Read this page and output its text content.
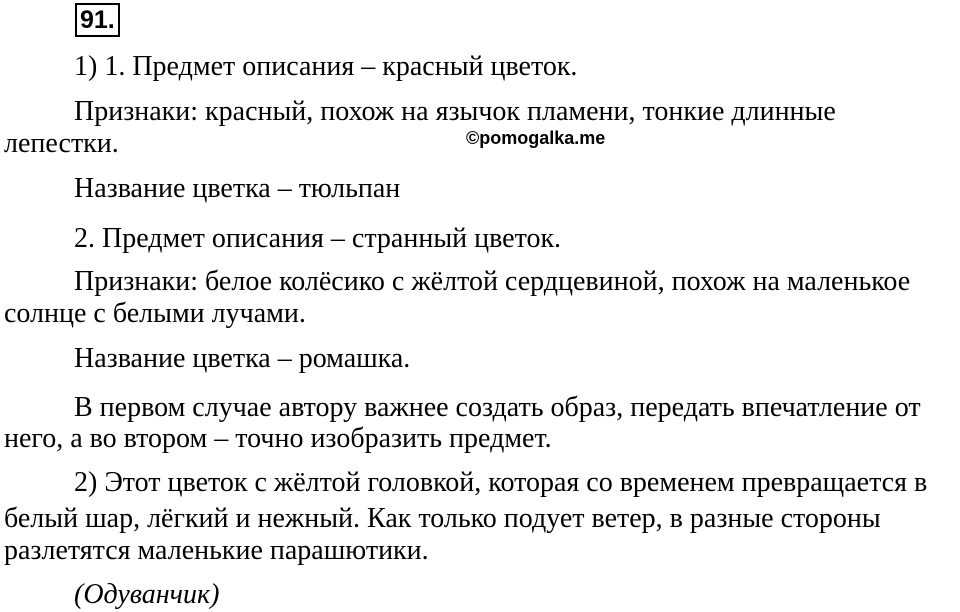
91.

1) 1. Предмет описания – красный цветок.

Признаки: красный, похож на язычок пламени, тонкие длинные

лепестки.	©pomogalka.me

Название цветка – тюльпан

2. Предмет описания – странный цветок.

Признаки: белое колёсико с жёлтой сердцевиной, похож на маленькое

солнце с белыми лучами.

Название цветка – ромашка.

В первом случае автору важнее создать образ, передать впечатление от

него, а во втором – точно изобразить предмет.

2) Этот цветок с жёлтой головкой, которая со временем превращается в

белый шар, лёгкий и нежный. Как только подует ветер, в разные стороны

разлетятся маленькие парашютики.

(Одуванчик)
